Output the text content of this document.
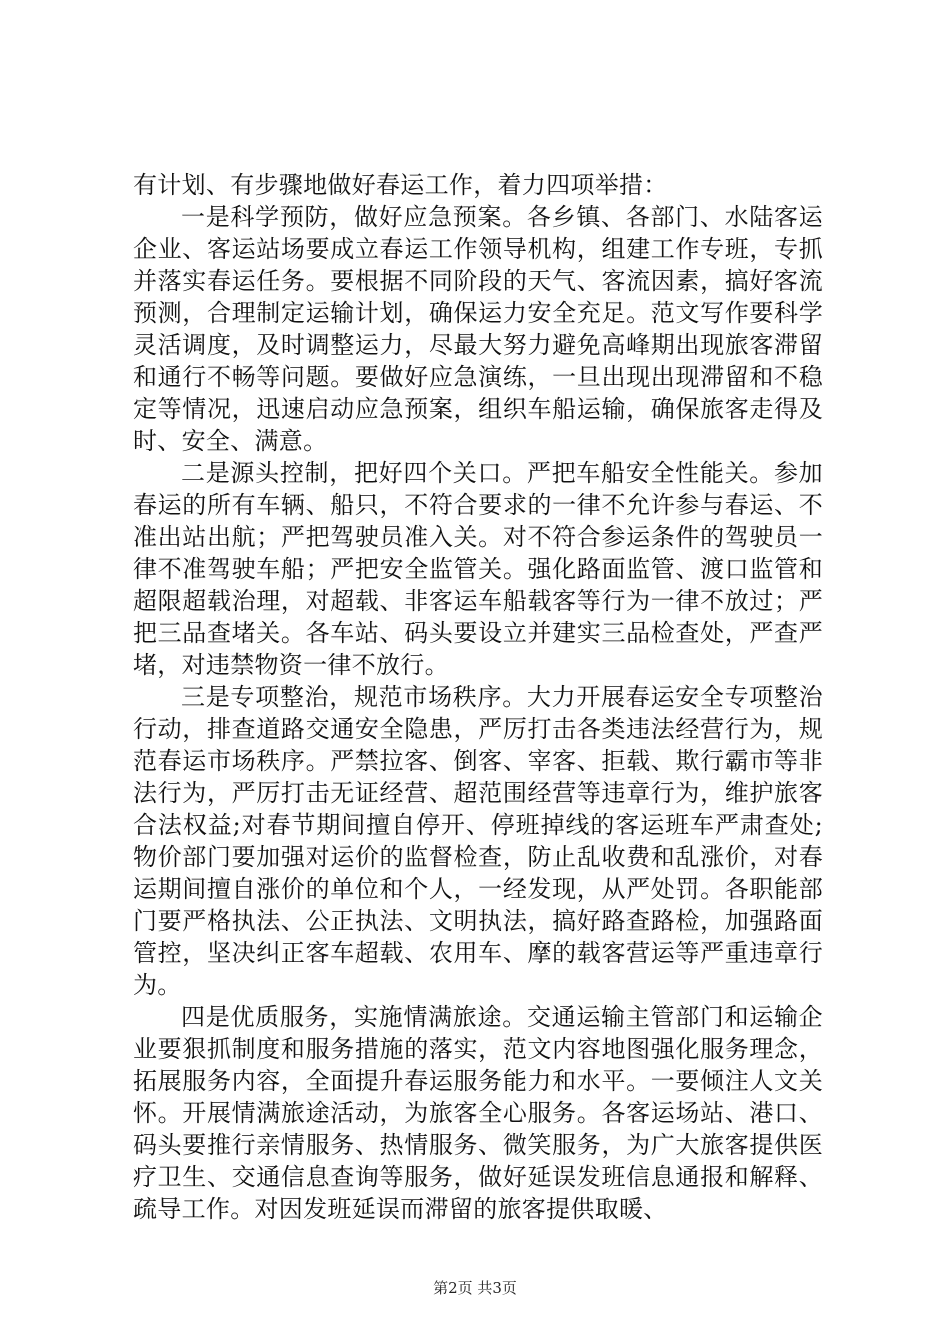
有计划、有步骤地做好春运工作，着力四项举措：

一是科学预防，做好应急预案。各乡镇、各部门、水陆客运企业、客运站场要成立春运工作领导机构，组建工作专班，专抓并落实春运任务。要根据不同阶段的天气、客流因素，搞好客流预测，合理制定运输计划，确保运力安全充足。范文写作要科学灵活调度，及时调整运力，尽最大努力避免高峰期出现旅客滞留和通行不畅等问题。要做好应急演练，一旦出现出现滞留和不稳定等情况，迅速启动应急预案，组织车船运输，确保旅客走得及时、安全、满意。

二是源头控制，把好四个关口。严把车船安全性能关。参加春运的所有车辆、船只，不符合要求的一律不允许参与春运、不准出站出航；严把驾驶员准入关。对不符合参运条件的驾驶员一律不准驾驶车船；严把安全监管关。强化路面监管、渡口监管和超限超载治理，对超载、非客运车船载客等行为一律不放过；严把三品查堵关。各车站、码头要设立并建实三品检查处，严查严堵，对违禁物资一律不放行。

三是专项整治，规范市场秩序。大力开展春运安全专项整治行动，排查道路交通安全隐患，严厉打击各类违法经营行为，规范春运市场秩序。严禁拉客、倒客、宰客、拒载、欺行霸市等非法行为，严厉打击无证经营、超范围经营等违章行为，维护旅客合法权益;对春节期间擅自停开、停班掉线的客运班车严肃查处;物价部门要加强对运价的监督检查，防止乱收费和乱涨价，对春运期间擅自涨价的单位和个人，一经发现，从严处罚。各职能部门要严格执法、公正执法、文明执法，搞好路查路检，加强路面管控，坚决纠正客车超载、农用车、摩的载客营运等严重违章行为。

四是优质服务，实施情满旅途。交通运输主管部门和运输企业要狠抓制度和服务措施的落实，范文内容地图强化服务理念，拓展服务内容，全面提升春运服务能力和水平。一要倾注人文关怀。开展情满旅途活动，为旅客全心服务。各客运场站、港口、码头要推行亲情服务、热情服务、微笑服务，为广大旅客提供医疗卫生、交通信息查询等服务，做好延误发班信息通报和解释、疏导工作。对因发班延误而滞留的旅客提供取暖、

第2页 共3页
